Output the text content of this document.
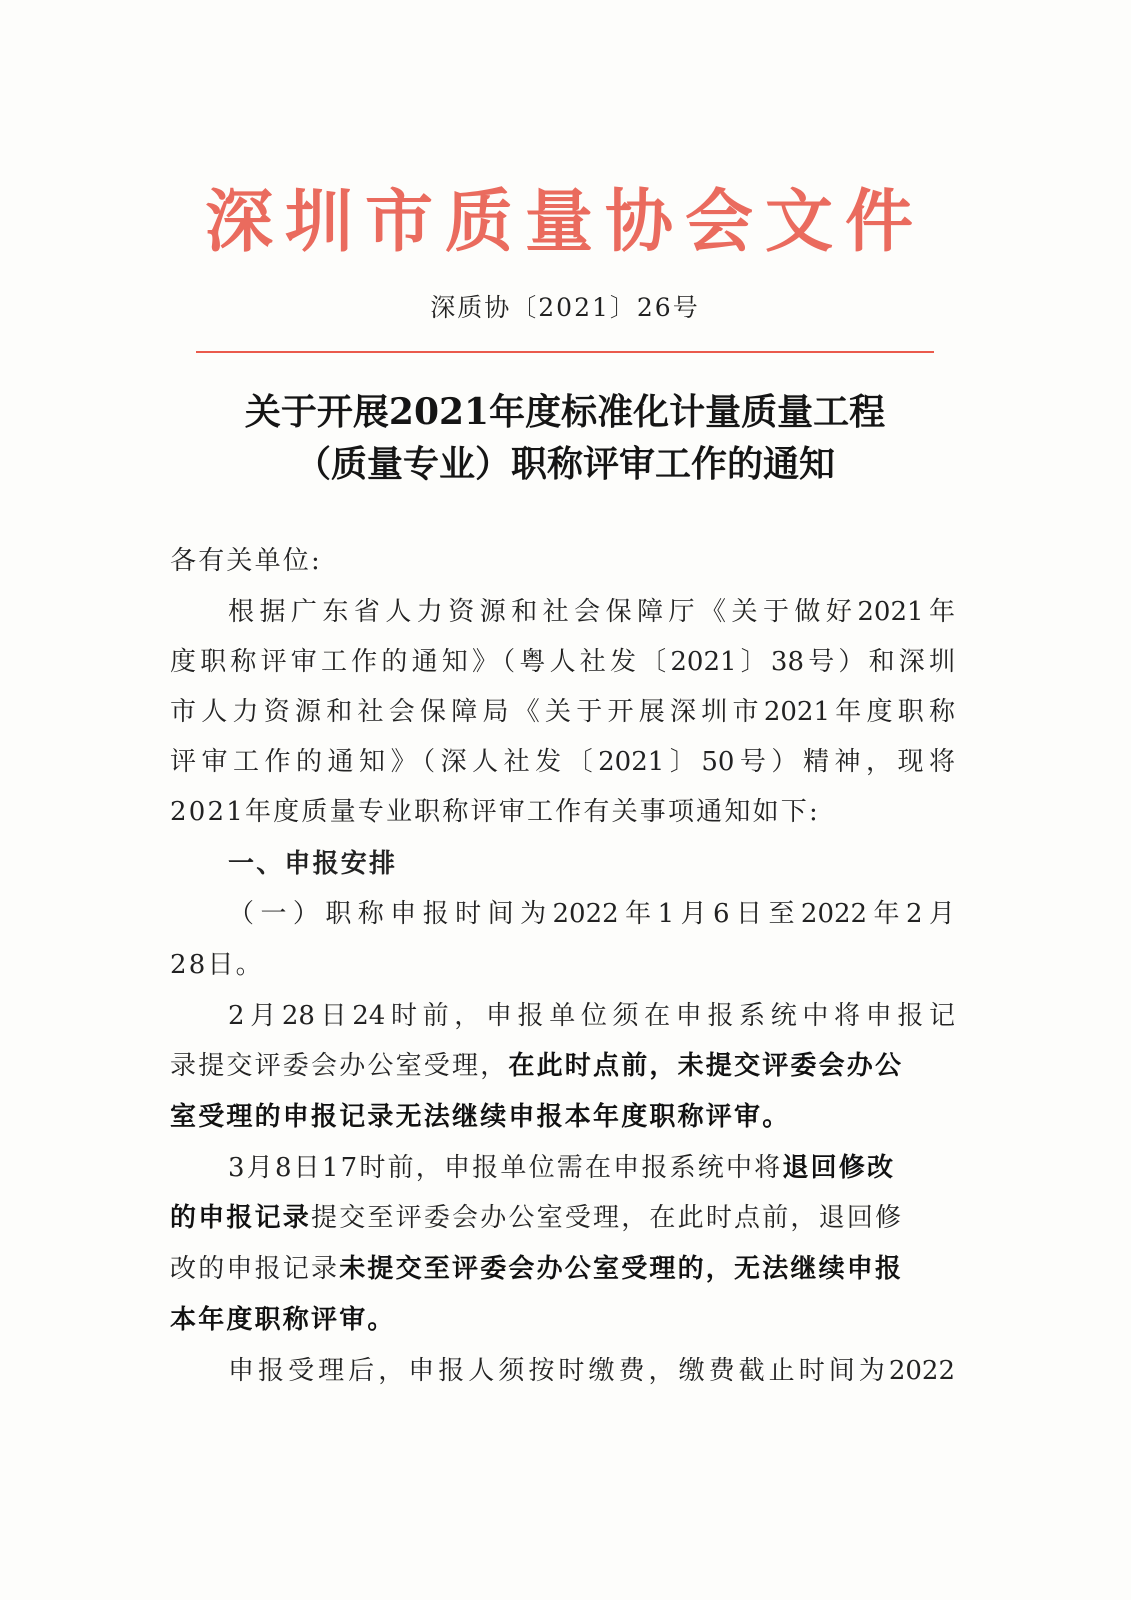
深圳市质量协会文件
深质协〔2021〕26号
关于开展2021年度标准化计量质量工程
（质量专业）职称评审工作的通知
各有关单位:
根据广东省人力资源和社会保障厅《关于做好2021年
度职称评审工作的通知》（粤人社发〔2021〕38号）和深圳
市人力资源和社会保障局《关于开展深圳市2021年度职称
评审工作的通知》（深人社发〔2021〕50号）精神，现将
2021年度质量专业职称评审工作有关事项通知如下:
一、申报安排
（一）职称申报时间为2022年1月6日至2022年2月
28日。
2月28日24时前，申报单位须在申报系统中将申报记
录提交评委会办公室受理，在此时点前，未提交评委会办公
室受理的申报记录无法继续申报本年度职称评审。
3月8日17时前，申报单位需在申报系统中将退回修改
的申报记录提交至评委会办公室受理，在此时点前，退回修
改的申报记录未提交至评委会办公室受理的，无法继续申报
本年度职称评审。
申报受理后，申报人须按时缴费，缴费截止时间为2022
